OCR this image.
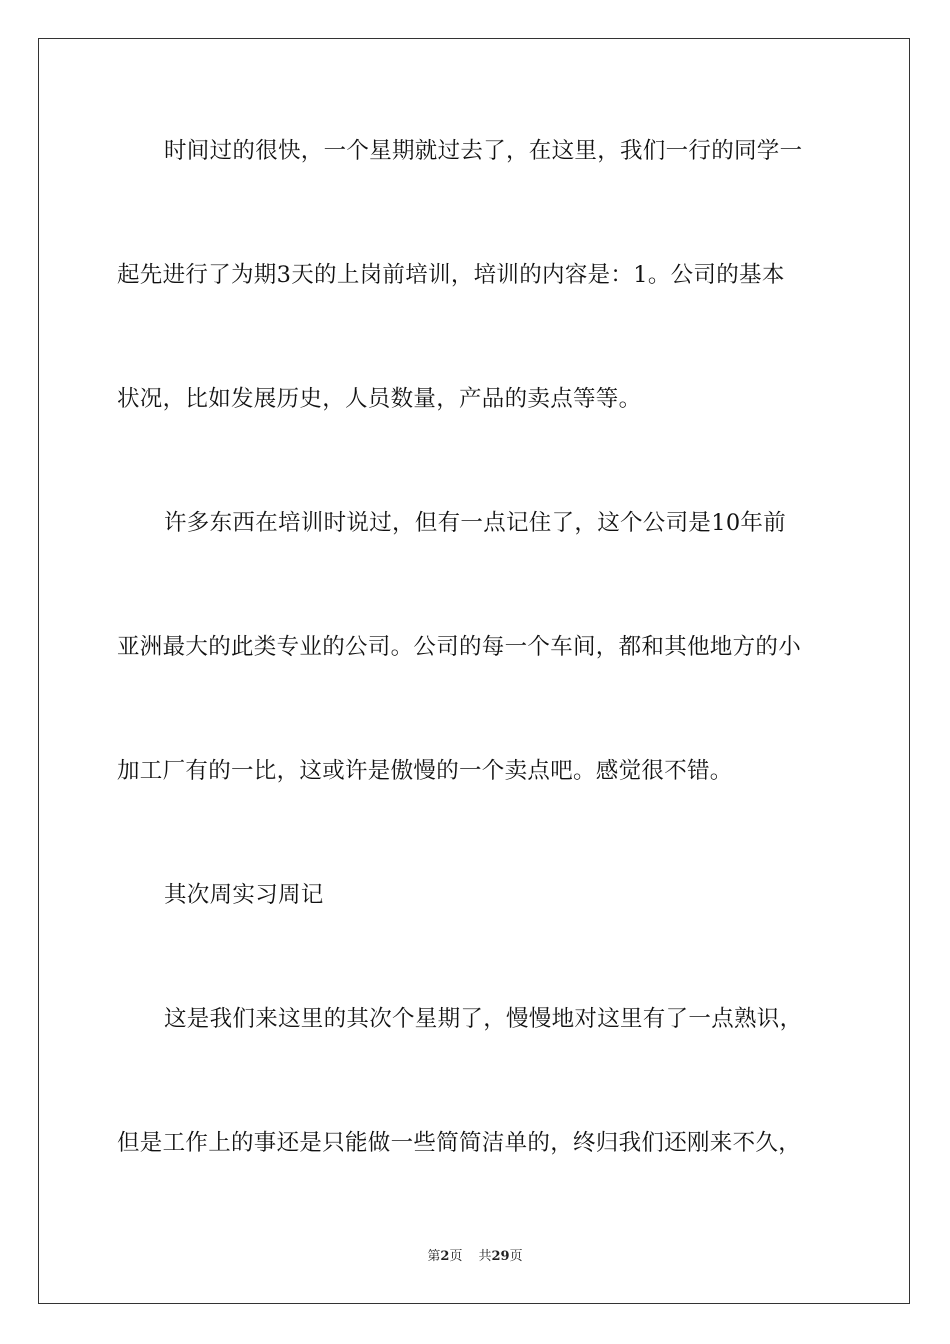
时间过的很快，一个星期就过去了，在这里，我们一行的同学一
起先进行了为期3天的上岗前培训，培训的内容是：1。公司的基本
状况，比如发展历史，人员数量，产品的卖点等等。
许多东西在培训时说过，但有一点记住了，这个公司是10年前
亚洲最大的此类专业的公司。公司的每一个车间，都和其他地方的小
加工厂有的一比，这或许是傲慢的一个卖点吧。感觉很不错。
其次周实习周记
这是我们来这里的其次个星期了，慢慢地对这里有了一点熟识，
但是工作上的事还是只能做一些简简洁单的，终归我们还刚来不久，
第2页 共29页
